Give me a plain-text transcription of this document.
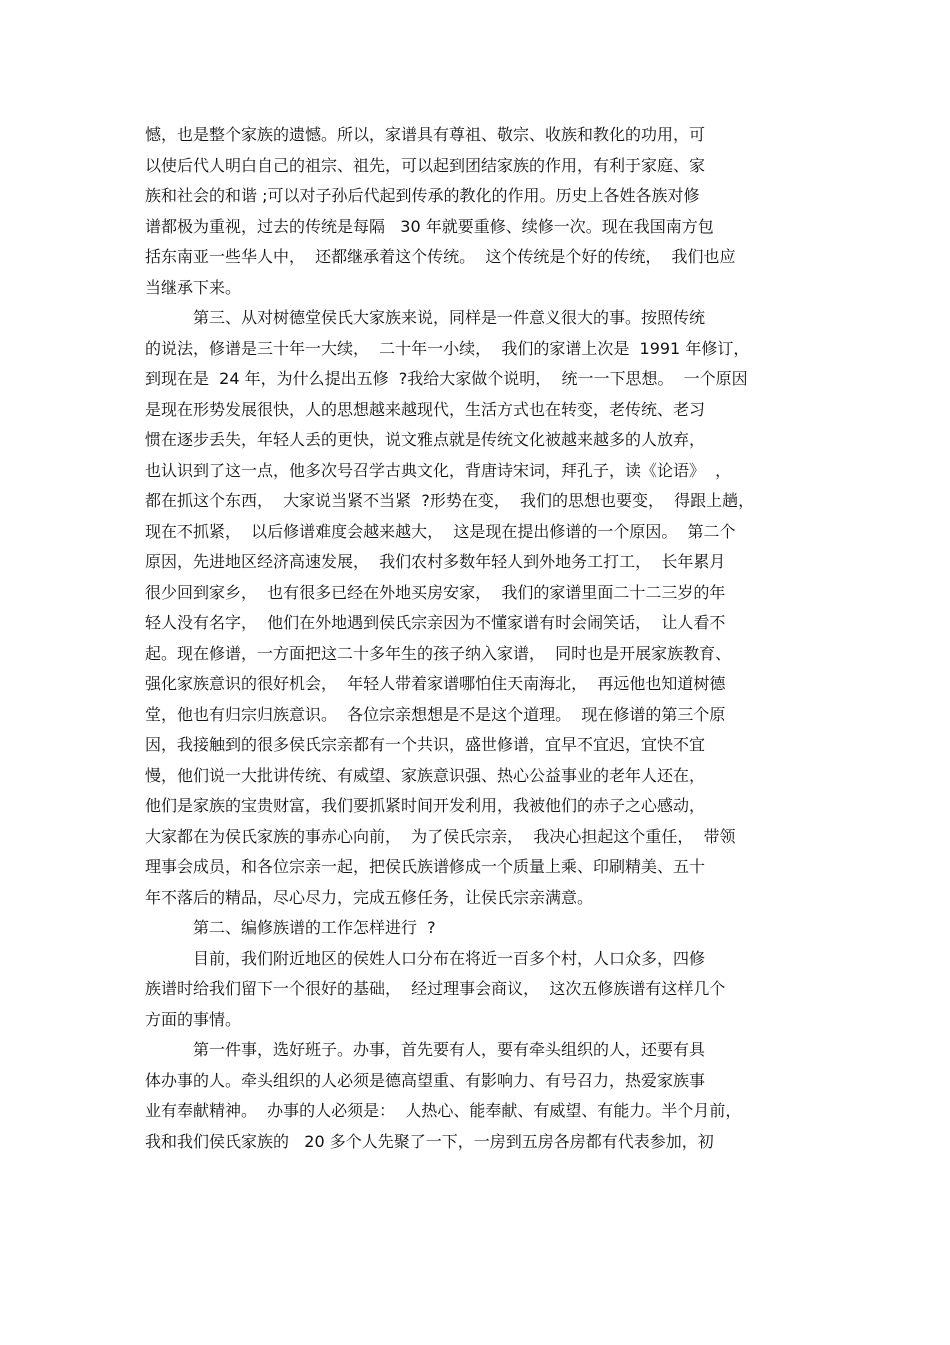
憾，也是整个家族的遗憾。所以，家谱具有尊祖、敬宗、收族和教化的功用，可
以使后代人明白自己的祖宗、祖先，可以起到团结家族的作用，有利于家庭、家
族和社会的和谐 ;可以对子孙后代起到传承的教化的作用。历史上各姓各族对修
谱都极为重视，过去的传统是每隔   30 年就要重修、续修一次。现在我国南方包
括东南亚一些华人中，  还都继承着这个传统。  这个传统是个好的传统，  我们也应
当继承下来。
第三、从对树德堂侯氏大家族来说，同样是一件意义很大的事。按照传统
的说法，修谱是三十年一大续，  二十年一小续，  我们的家谱上次是  1991 年修订，
到现在是  24 年，为什么提出五修  ?我给大家做个说明，  统一一下思想。  一个原因
是现在形势发展很快，人的思想越来越现代，生活方式也在转变，老传统、老习
惯在逐步丢失，年轻人丢的更快，说文雅点就是传统文化被越来越多的人放弃，
也认识到了这一点，他多次号召学古典文化，背唐诗宋词，拜孔子，读《论语》  ，
都在抓这个东西，  大家说当紧不当紧  ?形势在变，  我们的思想也要变，  得跟上趟，
现在不抓紧，  以后修谱难度会越来越大，  这是现在提出修谱的一个原因。  第二个
原因，先进地区经济高速发展，  我们农村多数年轻人到外地务工打工，  长年累月
很少回到家乡，  也有很多已经在外地买房安家，  我们的家谱里面二十二三岁的年
轻人没有名字，  他们在外地遇到侯氏宗亲因为不懂家谱有时会闹笑话，  让人看不
起。现在修谱，一方面把这二十多年生的孩子纳入家谱，  同时也是开展家族教育、
强化家族意识的很好机会，  年轻人带着家谱哪怕住天南海北，  再远他也知道树德
堂，他也有归宗归族意识。  各位宗亲想想是不是这个道理。  现在修谱的第三个原
因，我接触到的很多侯氏宗亲都有一个共识，盛世修谱，宜早不宜迟，宜快不宜
慢，他们说一大批讲传统、有威望、家族意识强、热心公益事业的老年人还在，
他们是家族的宝贵财富，我们要抓紧时间开发利用，我被他们的赤子之心感动，
大家都在为侯氏家族的事赤心向前，  为了侯氏宗亲，  我决心担起这个重任，  带领
理事会成员，和各位宗亲一起，把侯氏族谱修成一个质量上乘、印刷精美、五十
年不落后的精品，尽心尽力，完成五修任务，让侯氏宗亲满意。
第二、编修族谱的工作怎样进行  ?
目前，我们附近地区的侯姓人口分布在将近一百多个村，人口众多，四修
族谱时给我们留下一个很好的基础，  经过理事会商议，  这次五修族谱有这样几个
方面的事情。
第一件事，选好班子。办事，首先要有人，要有牵头组织的人，还要有具
体办事的人。牵头组织的人必须是德高望重、有影响力、有号召力，热爱家族事
业有奉献精神。  办事的人必须是：  人热心、能奉献、有威望、有能力。半个月前，
我和我们侯氏家族的   20 多个人先聚了一下，一房到五房各房都有代表参加，初
